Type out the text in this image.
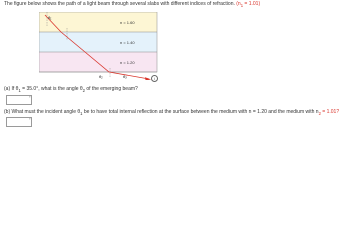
The figure below shows the path of a light beam through several slabs with different indices of refraction. $(n_1 = 1.01)$
n = 1.60
n = 1.40
n = 1.20
θ₁
θ₂	θ₃	i
(a) If $\theta_1 = 35.0^\circ$, what is the angle $\theta_2$ of the emerging beam?
°
(b) What must the incident angle $\theta_1$ be to have total internal reflection at the surface between the medium with n = 1.20 and the medium with $n_2 = 1.01$?
°
